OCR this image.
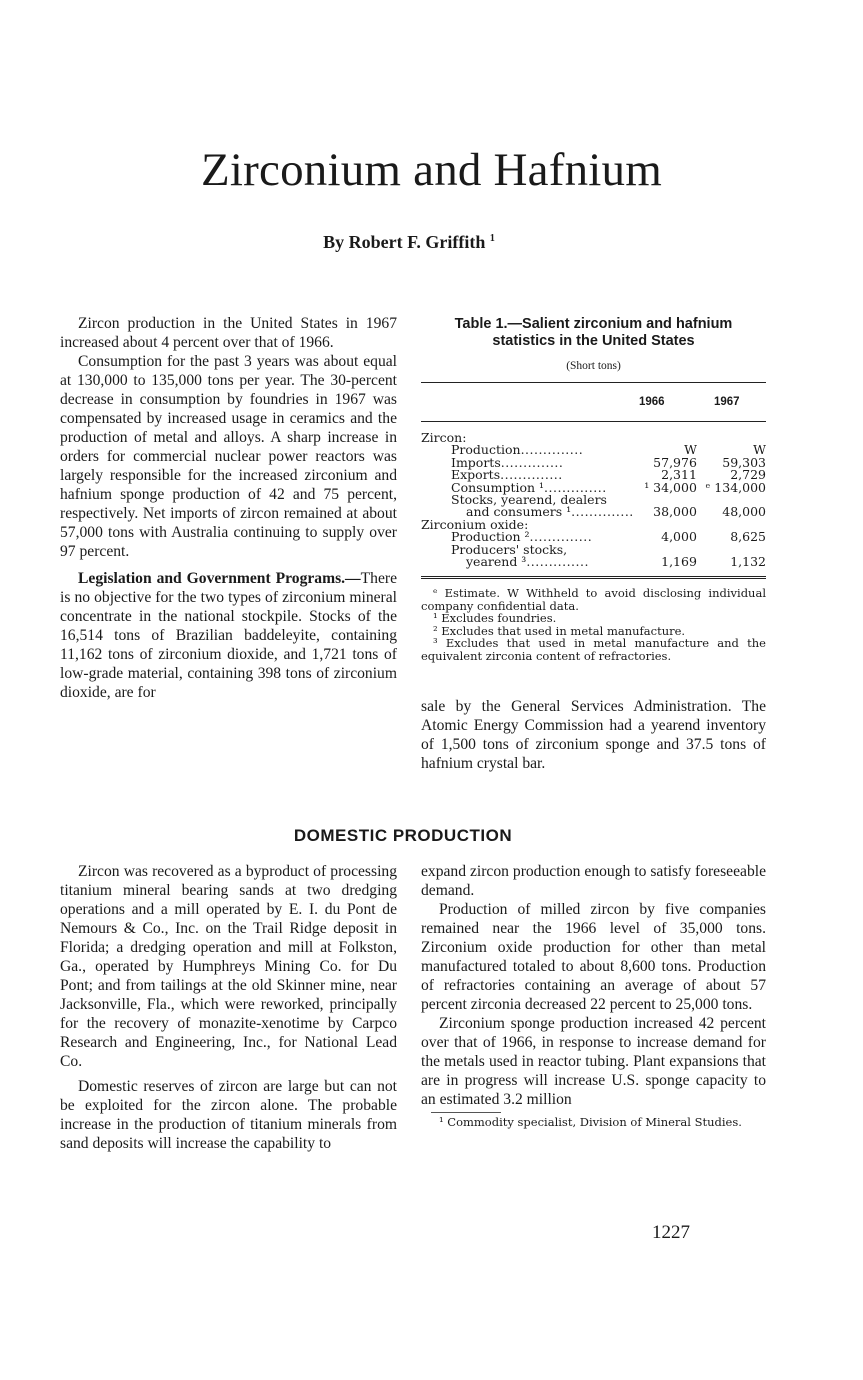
Zirconium and Hafnium

By Robert F. Griffith $^1$

Zircon production in the United States in 1967 increased about 4 percent over that of 1966.

Consumption for the past 3 years was about equal at 130,000 to 135,000 tons per year. The 30-percent decrease in consumption by foundries in 1967 was compensated by increased usage in ceramics and the production of metal and alloys. A sharp increase in orders for commercial nuclear power reactors was largely responsible for the increased zirconium and hafnium sponge production of 42 and 75 percent, respectively. Net imports of zircon remained at about 57,000 tons with Australia continuing to supply over 97 percent.

Legislation and Government Programs.—There is no objective for the two types of zirconium mineral concentrate in the national stockpile. Stocks of the 16,514 tons of Brazilian baddeleyite, containing 11,162 tons of zirconium dioxide, and 1,721 tons of low-grade material, containing 398 tons of zirconium dioxide, are for

Table 1.—Salient zirconium and hafnium

statistics in the United States

(Short tons)

1966	1967
Zircon:		
Production..............	W	W
Imports..............	57,976	59,303
Exports..............	2,311	2,729
Consumption ¹..............	¹ 34,000	ᵉ 134,000
Stocks, yearend, dealers		
and consumers ¹..............	38,000	48,000
Zirconium oxide:		
Production ²..............	4,000	8,625
Producers' stocks,		
yearend ³..............	1,169	1,132

ᵉ Estimate. W Withheld to avoid disclosing individual company confidential data.

¹ Excludes foundries.

² Excludes that used in metal manufacture.

³ Excludes that used in metal manufacture and the equivalent zirconia content of refractories.

sale by the General Services Administration. The Atomic Energy Commission had a yearend inventory of 1,500 tons of zirconium sponge and 37.5 tons of hafnium crystal bar.

DOMESTIC PRODUCTION

Zircon was recovered as a byproduct of processing titanium mineral bearing sands at two dredging operations and a mill operated by E. I. du Pont de Nemours & Co., Inc. on the Trail Ridge deposit in Florida; a dredging operation and mill at Folkston, Ga., operated by Humphreys Mining Co. for Du Pont; and from tailings at the old Skinner mine, near Jacksonville, Fla., which were reworked, principally for the recovery of monazite-xenotime by Carpco Research and Engineering, Inc., for National Lead Co.

Domestic reserves of zircon are large but can not be exploited for the zircon alone. The probable increase in the production of titanium minerals from sand deposits will increase the capability to

expand zircon production enough to satisfy foreseeable demand.

Production of milled zircon by five companies remained near the 1966 level of 35,000 tons. Zirconium oxide production for other than metal manufactured totaled to about 8,600 tons. Production of refractories containing an average of about 57 percent zirconia decreased 22 percent to 25,000 tons.

Zirconium sponge production increased 42 percent over that of 1966, in response to increase demand for the metals used in reactor tubing. Plant expansions that are in progress will increase U.S. sponge capacity to an estimated 3.2 million

¹ Commodity specialist, Division of Mineral Studies.

1227
